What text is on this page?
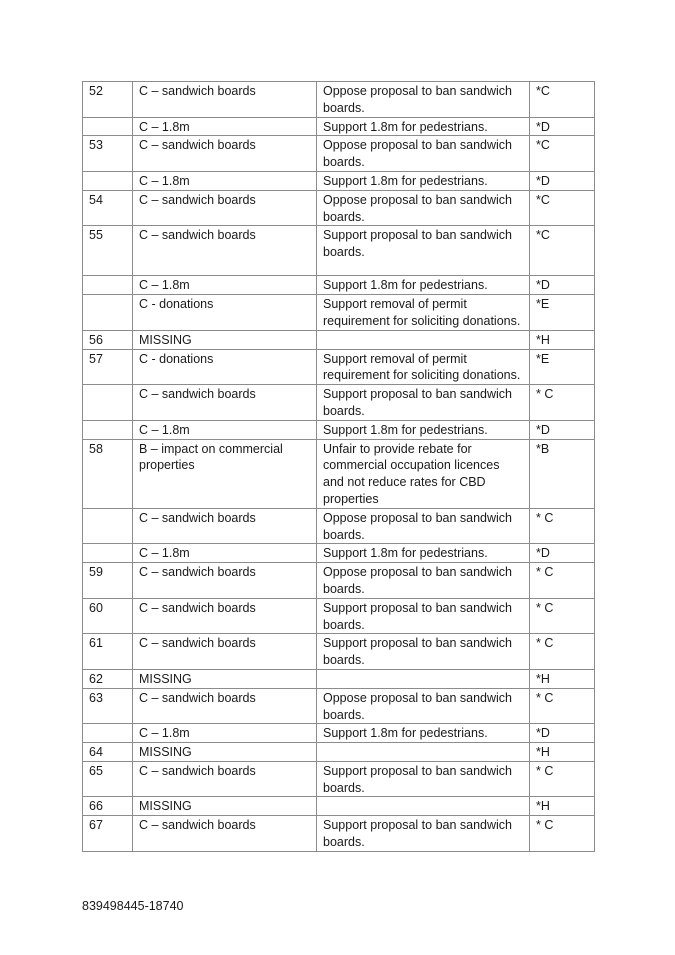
52	C – sandwich boards	Oppose proposal to ban sandwich boards.	*C
	C – 1.8m	Support 1.8m for pedestrians.	*D
53	C – sandwich boards	Oppose proposal to ban sandwich boards.	*C
	C – 1.8m	Support 1.8m for pedestrians.	*D
54	C – sandwich boards	Oppose proposal to ban sandwich boards.	*C
55	C – sandwich boards	Support proposal to ban sandwich boards.	*C
	C – 1.8m	Support 1.8m for pedestrians.	*D
	C - donations	Support removal of permit requirement for soliciting donations.	*E
56	MISSING		*H
57	C - donations	Support removal of permit requirement for soliciting donations.	*E
	C – sandwich boards	Support proposal to ban sandwich boards.	* C
	C – 1.8m	Support 1.8m for pedestrians.	*D
58	B – impact on commercial properties	Unfair to provide rebate for commercial occupation licences and not reduce rates for CBD properties	*B
	C – sandwich boards	Oppose proposal to ban sandwich boards.	* C
	C – 1.8m	Support 1.8m for pedestrians.	*D
59	C – sandwich boards	Oppose proposal to ban sandwich boards.	* C
60	C – sandwich boards	Support proposal to ban sandwich boards.	* C
61	C – sandwich boards	Support proposal to ban sandwich boards.	* C
62	MISSING		*H
63	C – sandwich boards	Oppose proposal to ban sandwich boards.	* C
	C – 1.8m	Support 1.8m for pedestrians.	*D
64	MISSING		*H
65	C – sandwich boards	Support proposal to ban sandwich boards.	* C
66	MISSING		*H
67	C – sandwich boards	Support proposal to ban sandwich boards.	* C
839498445-18740
